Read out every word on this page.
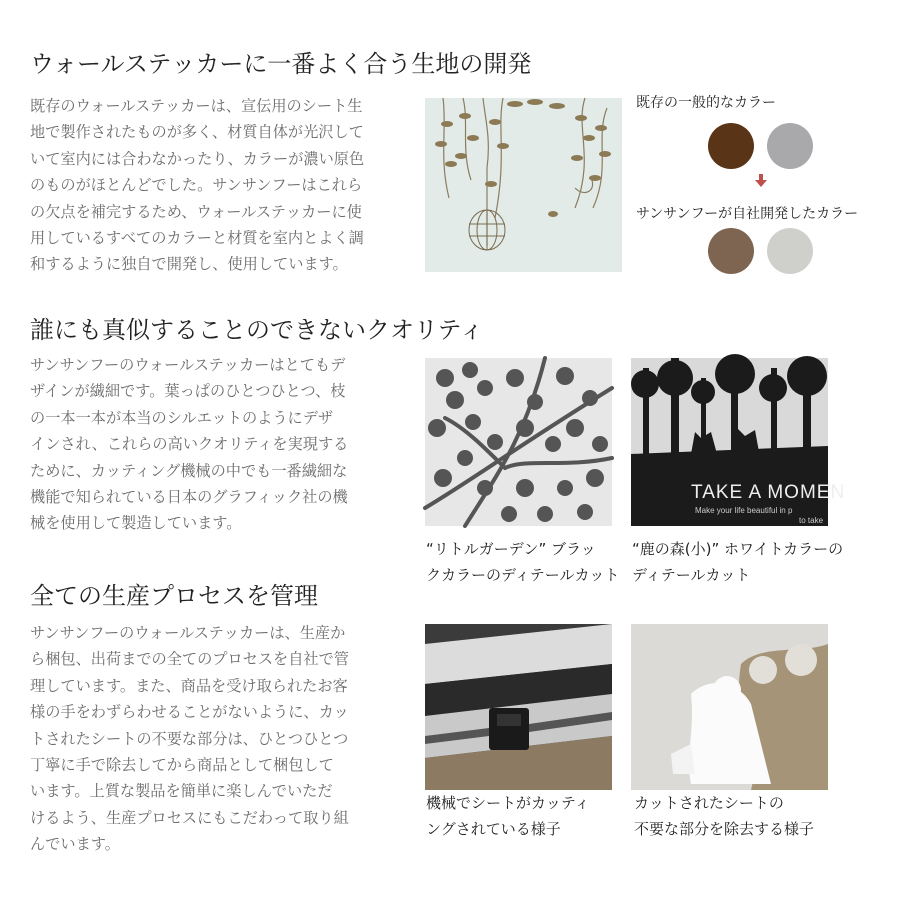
ウォールステッカーに一番よく合う生地の開発
既存のウォールステッカーは、宣伝用のシート生
地で製作されたものが多く、材質自体が光沢して
いて室内には合わなかったり、カラーが濃い原色
のものがほとんどでした。サンサンフーはこれら
の欠点を補完するため、ウォールステッカーに使
用しているすべてのカラーと材質を室内とよく調
和するように独自で開発し、使用しています。
既存の一般的なカラー
サンサンフーが自社開発したカラー
誰にも真似することのできないクオリティ
サンサンフーのウォールステッカーはとてもデ
ザインが繊細です。葉っぱのひとつひとつ、枝
の一本一本が本当のシルエットのようにデザ
インされ、これらの高いクオリティを実現する
ために、カッティング機械の中でも一番繊細な
機能で知られている日本のグラフィック社の機
械を使用して製造しています。
TAKE A MOMEN
Make your life beautiful in p
to take
“リトルガーデン” ブラッ
クカラーのディテールカット
“鹿の森(小)” ホワイトカラーの
ディテールカット
全ての生産プロセスを管理
サンサンフーのウォールステッカーは、生産か
ら梱包、出荷までの全てのプロセスを自社で管
理しています。また、商品を受け取られたお客
様の手をわずらわせることがないように、カッ
トされたシートの不要な部分は、ひとつひとつ
丁寧に手で除去してから商品として梱包して
います。上質な製品を簡単に楽しんでいただ
けるよう、生産プロセスにもこだわって取り組
んでいます。
機械でシートがカッティ
ングされている様子
カットされたシートの
不要な部分を除去する様子
